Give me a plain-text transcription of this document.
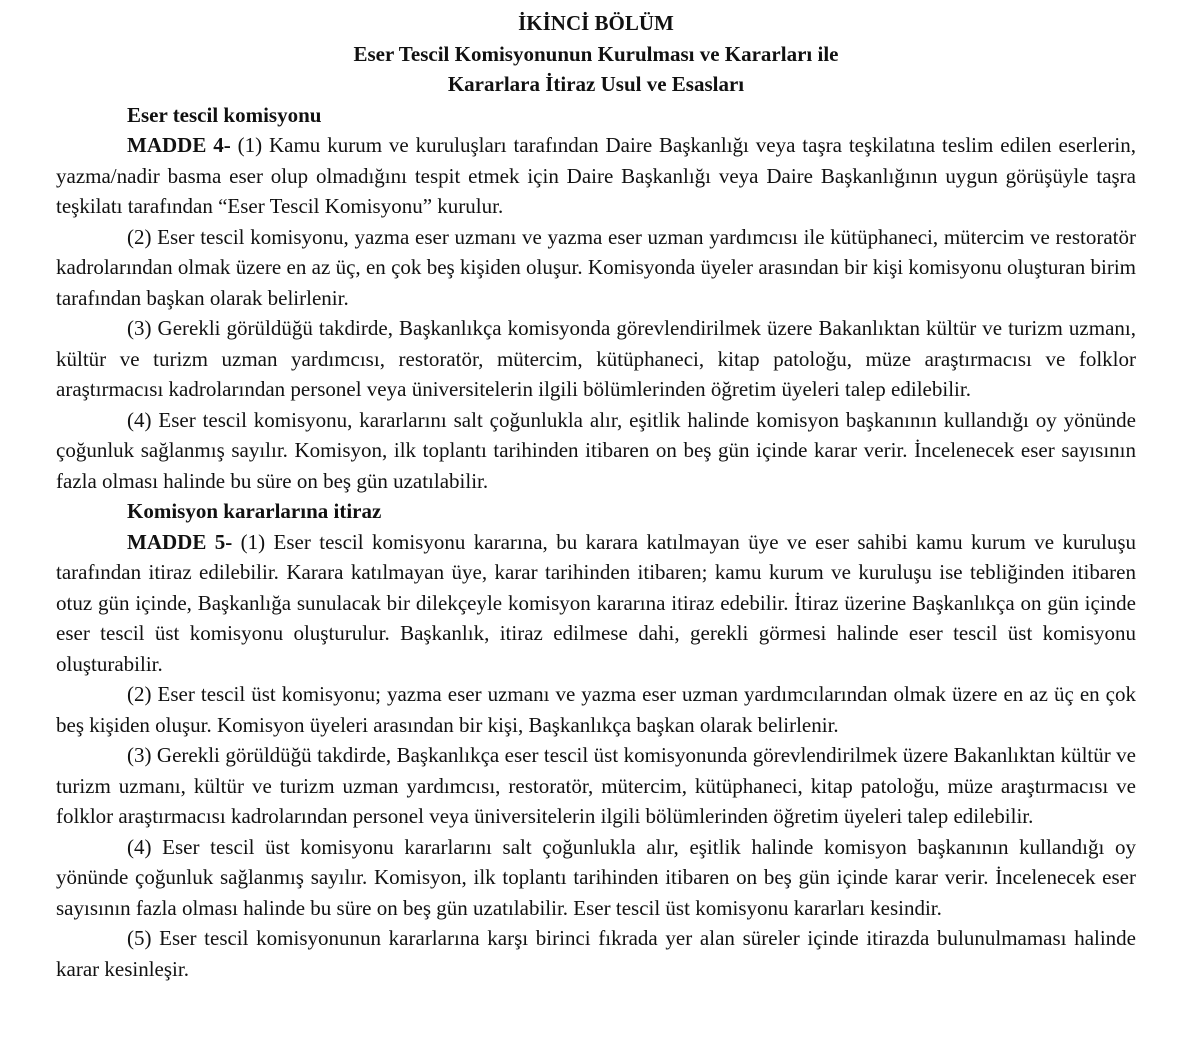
İKİNCİ BÖLÜM

Eser Tescil Komisyonunun Kurulması ve Kararları ile

Kararlara İtiraz Usul ve Esasları

Eser tescil komisyonu

MADDE 4- (1) Kamu kurum ve kuruluşları tarafından Daire Başkanlığı veya taşra teşkilatına teslim edilen eserlerin, yazma/nadir basma eser olup olmadığını tespit etmek için Daire Başkanlığı veya Daire Başkanlığının uygun görüşüyle taşra teşkilatı tarafından “Eser Tescil Komisyonu” kurulur.

(2) Eser tescil komisyonu, yazma eser uzmanı ve yazma eser uzman yardımcısı ile kütüphaneci, mütercim ve restoratör kadrolarından olmak üzere en az üç, en çok beş kişiden oluşur. Komisyonda üyeler arasından bir kişi komisyonu oluşturan birim tarafından başkan olarak belirlenir.

(3) Gerekli görüldüğü takdirde, Başkanlıkça komisyonda görevlendirilmek üzere Bakanlıktan kültür ve turizm uzmanı, kültür ve turizm uzman yardımcısı, restoratör, mütercim, kütüphaneci, kitap patoloğu, müze araştırmacısı ve folklor araştırmacısı kadrolarından personel veya üniversitelerin ilgili bölümlerinden öğretim üyeleri talep edilebilir.

(4) Eser tescil komisyonu, kararlarını salt çoğunlukla alır, eşitlik halinde komisyon başkanının kullandığı oy yönünde çoğunluk sağlanmış sayılır. Komisyon, ilk toplantı tarihinden itibaren on beş gün içinde karar verir. İncelenecek eser sayısının fazla olması halinde bu süre on beş gün uzatılabilir.

Komisyon kararlarına itiraz

MADDE 5- (1) Eser tescil komisyonu kararına, bu karara katılmayan üye ve eser sahibi kamu kurum ve kuruluşu tarafından itiraz edilebilir. Karara katılmayan üye, karar tarihinden itibaren; kamu kurum ve kuruluşu ise tebliğinden itibaren otuz gün içinde, Başkanlığa sunulacak bir dilekçeyle komisyon kararına itiraz edebilir. İtiraz üzerine Başkanlıkça on gün içinde eser tescil üst komisyonu oluşturulur. Başkanlık, itiraz edilmese dahi, gerekli görmesi halinde eser tescil üst komisyonu oluşturabilir.

(2) Eser tescil üst komisyonu; yazma eser uzmanı ve yazma eser uzman yardımcılarından olmak üzere en az üç en çok beş kişiden oluşur. Komisyon üyeleri arasından bir kişi, Başkanlıkça başkan olarak belirlenir.

(3) Gerekli görüldüğü takdirde, Başkanlıkça eser tescil üst komisyonunda görevlendirilmek üzere Bakanlıktan kültür ve turizm uzmanı, kültür ve turizm uzman yardımcısı, restoratör, mütercim, kütüphaneci, kitap patoloğu, müze araştırmacısı ve folklor araştırmacısı kadrolarından personel veya üniversitelerin ilgili bölümlerinden öğretim üyeleri talep edilebilir.

(4) Eser tescil üst komisyonu kararlarını salt çoğunlukla alır, eşitlik halinde komisyon başkanının kullandığı oy yönünde çoğunluk sağlanmış sayılır. Komisyon, ilk toplantı tarihinden itibaren on beş gün içinde karar verir. İncelenecek eser sayısının fazla olması halinde bu süre on beş gün uzatılabilir. Eser tescil üst komisyonu kararları kesindir.

(5) Eser tescil komisyonunun kararlarına karşı birinci fıkrada yer alan süreler içinde itirazda bulunulmaması halinde karar kesinleşir.
